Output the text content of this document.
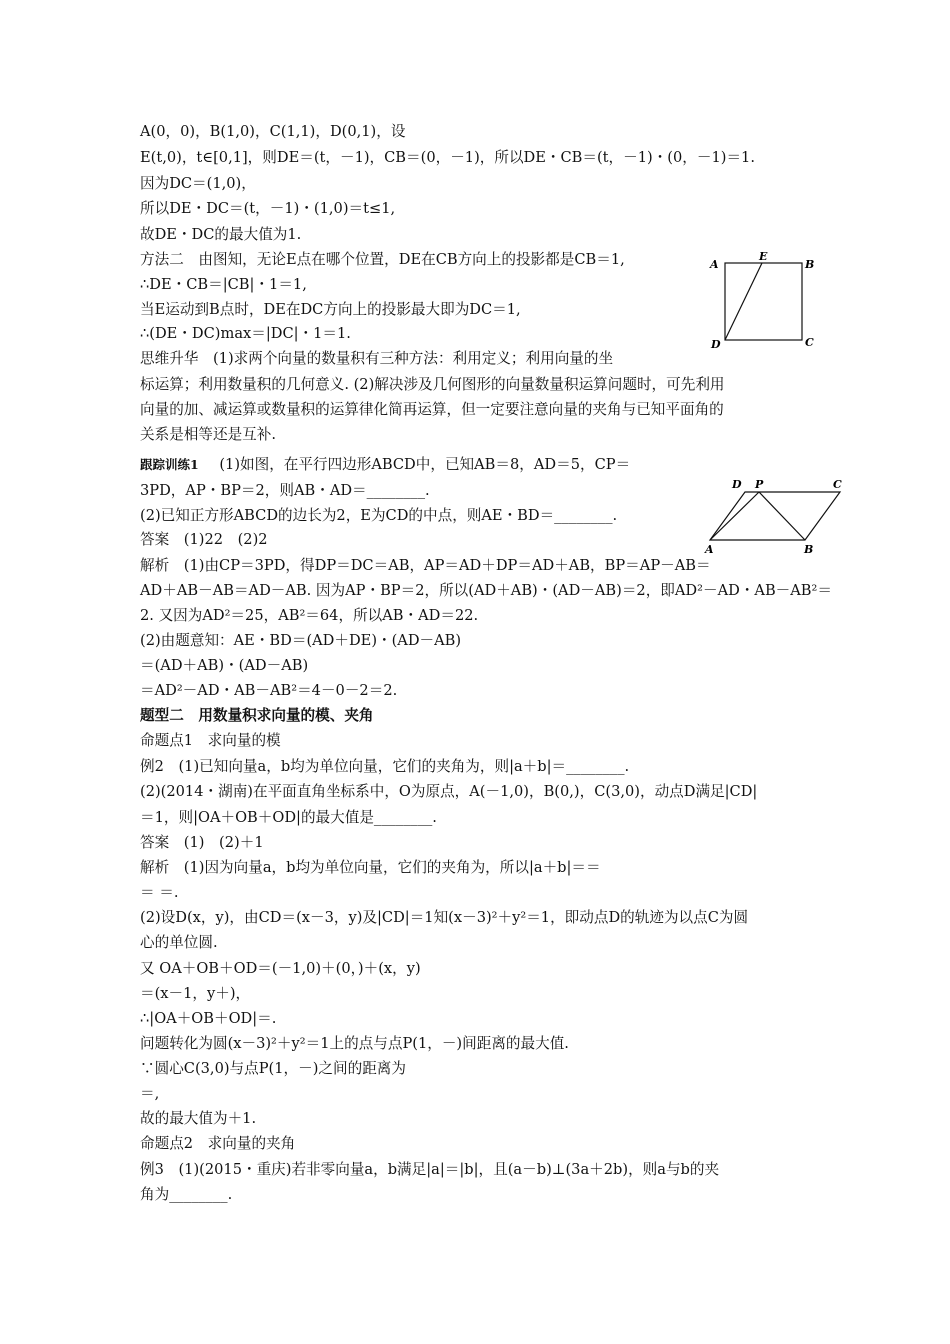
A(0，0)，B(1,0)，C(1,1)，D(0,1)，设
E(t,0)，t∈[0,1]，则DE＝(t，－1)，CB＝(0，－1)，所以DE・CB＝(t，－1)・(0，－1)＝1.
因为DC＝(1,0)，
所以DE・DC＝(t，－1)・(1,0)＝t≤1,
故DE・DC的最大值为1.
方法二　由图知，无论E点在哪个位置，DE在CB方向上的投影都是CB＝1,
∴DE・CB＝|CB|・1＝1,
当E运动到B点时，DE在DC方向上的投影最大即为DC＝1,
∴(DE・DC)max＝|DC|・1＝1.
思维升华　(1)求两个向量的数量积有三种方法：利用定义；利用向量的坐
标运算；利用数量积的几何意义. (2)解决涉及几何图形的向量数量积运算问题时，可先利用
向量的加、减运算或数量积的运算律化简再运算，但一定要注意向量的夹角与已知平面角的
关系是相等还是互补.
跟踪训练1 (1)如图，在平行四边形ABCD中，已知AB＝8，AD＝5，CP＝
3PD，AP・BP＝2，则AB・AD＝________.
(2)已知正方形ABCD的边长为2，E为CD的中点，则AE・BD＝________.
答案　(1)22　(2)2
解析　(1)由CP＝3PD，得DP＝DC＝AB，AP＝AD＋DP＝AD＋AB，BP＝AP－AB＝
AD＋AB－AB＝AD－AB. 因为AP・BP＝2，所以(AD＋AB)・(AD－AB)＝2，即AD²－AD・AB－AB²＝
2. 又因为AD²＝25，AB²＝64，所以AB・AD＝22.
(2)由题意知：AE・BD＝(AD＋DE)・(AD－AB)
＝(AD＋AB)・(AD－AB)
＝AD²－AD・AB－AB²＝4－0－2＝2.
题型二　用数量积求向量的模、夹角
命题点1　求向量的模
例2　(1)已知向量a，b均为单位向量，它们的夹角为，则|a＋b|＝________.
(2)(2014・湖南)在平面直角坐标系中，O为原点，A(－1,0)，B(0,)，C(3,0)，动点D满足|CD|
＝1，则|OA＋OB＋OD|的最大值是________.
答案　(1)　(2)＋1
解析　(1)因为向量a，b均为单位向量，它们的夹角为，所以|a＋b|＝＝
＝ ＝.
(2)设D(x，y)，由CD＝(x－3，y)及|CD|＝1知(x－3)²＋y²＝1，即动点D的轨迹为以点C为圆
心的单位圆.
又 OA＋OB＋OD＝(－1,0)＋(0，)＋(x，y)
＝(x－1，y＋)，
∴|OA＋OB＋OD|＝.
问题转化为圆(x－3)²＋y²＝1上的点与点P(1，－)间距离的最大值.
∵圆心C(3,0)与点P(1，－)之间的距离为
＝,
故的最大值为＋1.
命题点2　求向量的夹角
例3　(1)(2015・重庆)若非零向量a，b满足|a|＝|b|，且(a－b)⊥(3a＋2b)，则a与b的夹
角为________.
A
E
B
D	C
D P	C
A	B
